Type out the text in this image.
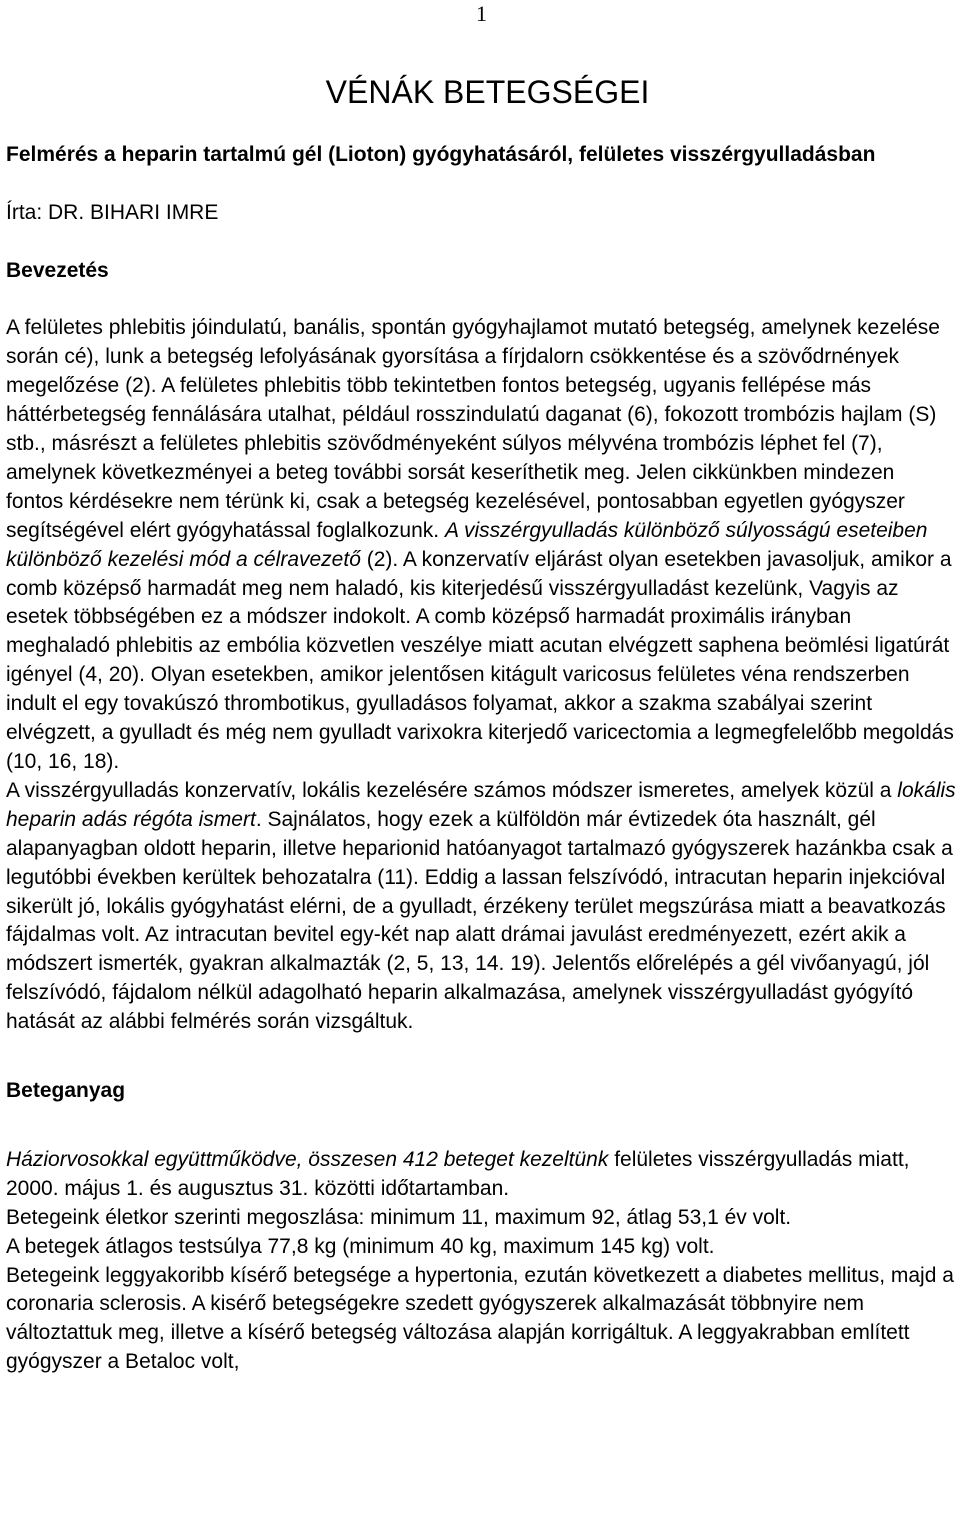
1
VÉNÁK BETEGSÉGEI

Felmérés a heparin tartalmú gél (Lioton) gyógyhatásáról, felületes visszérgyulladásban

Írta: DR. BIHARI IMRE

Bevezetés

A felületes phlebitis jóindulatú, banális, spontán gyógyhajlamot mutató betegség, amelynek kezelése során cé), lunk a betegség lefolyásának gyorsítása a fírjdalorn csökkentése és a szövődrnények megelőzése (2). A felületes phlebitis több tekintetben fontos betegség, ugyanis fellépése más háttérbetegség fennálására utalhat, például rosszindulatú daganat (6), fokozott trombózis hajlam (S) stb., másrészt a felületes phlebitis szövődményeként súlyos mélyvéna trombózis léphet fel (7), amelynek következményei a beteg további sorsát keseríthetik meg. Jelen cikkünkben mindezen fontos kérdésekre nem térünk ki, csak a betegség kezelésével, pontosabban egyetlen gyógyszer segítségével elért gyógyhatással foglalkozunk. A visszérgyulladás különböző súlyosságú eseteiben különböző kezelési mód a célravezető (2). A konzervatív eljárást olyan esetekben javasoljuk, amikor a comb középső harmadát meg nem haladó, kis kiterjedésű visszérgyulladást kezelünk, Vagyis az esetek többségében ez a módszer indokolt. A comb középső harmadát proximális irányban meghaladó phlebitis az embólia közvetlen veszélye miatt acutan elvégzett saphena beömlési ligatúrát igényel (4, 20). Olyan esetekben, amikor jelentősen kitágult varicosus felületes véna rendszerben indult el egy tovakúszó thrombotikus, gyulladásos folyamat, akkor a szakma szabályai szerint elvégzett, a gyulladt és még nem gyulladt varixokra kiterjedő varicectomia a legmegfelelőbb megoldás (10, 16, 18).

A visszérgyulladás konzervatív, lokális kezelésére számos módszer ismeretes, amelyek közül a lokális heparin adás régóta ismert. Sajnálatos, hogy ezek a külföldön már évtizedek óta használt, gél alapanyagban oldott heparin, illetve heparionid hatóanyagot tartalmazó gyógyszerek hazánkba csak a legutóbbi években kerültek behozatalra (11). Eddig a lassan felszívódó, intracutan heparin injekcióval sikerült jó, lokális gyógyhatást elérni, de a gyulladt, érzékeny terület megszúrása miatt a beavatkozás fájdalmas volt. Az intracutan bevitel egy-két nap alatt drámai javulást eredményezett, ezért akik a módszert ismerték, gyakran alkalmazták (2, 5, 13, 14. 19). Jelentős előrelépés a gél vivőanyagú, jól felszívódó, fájdalom nélkül adagolható heparin alkalmazása, amelynek visszérgyulladást gyógyító hatását az alábbi felmérés során vizsgáltuk.

Beteganyag

Háziorvosokkal együttműködve, összesen 412 beteget kezeltünk felületes visszérgyulladás miatt, 2000. május 1. és augusztus 31. közötti időtartamban.

Betegeink életkor szerinti megoszlása: minimum 11, maximum 92, átlag 53,1 év volt.

A betegek átlagos testsúlya 77,8 kg (minimum 40 kg, maximum 145 kg) volt.

Betegeink leggyakoribb kísérő betegsége a hypertonia, ezután következett a diabetes mellitus, majd a coronaria sclerosis. A kisérő betegségekre szedett gyógyszerek alkalmazását többnyire nem változtattuk meg, illetve a kísérő betegség változása alapján korrigáltuk. A leggyakrabban említett gyógyszer a Betaloc volt,
